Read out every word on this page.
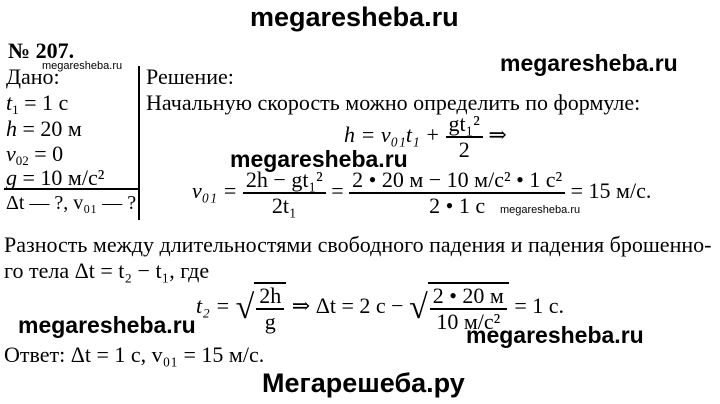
megaresheba.ru
megaresheba.ru	megaresheba.ru
megaresheba.ru
megaresheba.ru
megaresheba.ru	megaresheba.ru
Мегарешеба.ру
№ 207.
Дано:
$t_1 = 1$ с
h = 20 м
$v_{02} = 0$
g = 10 м/с²
Δt — ?, v₀₁ — ?
Решение:
Начальную скорость можно определить по формуле:
$h = v_{01}t_1 + \frac{\text{gt₁²}}{2}$ ⇒
$v_{01} = \frac{\text{2h − gt₁²}}{\text{2t₁}} = \frac{\text{2 • 20 м − 10 м/с² • 1 с²}}{2 • 1 с} = 15$ м/с.
Разность между длительностями свободного падения и падения брошенно-
го тела Δt = t₂ − t₁, где
t₂ = √ $\frac{2h}{g}$ ⇒ Δt = 2 с − √ $\frac{2 • 20 м}{\text{10 м/с²}} = 1$ с.
Ответ: Δt = 1 с, v₀₁ = 15 м/с.
